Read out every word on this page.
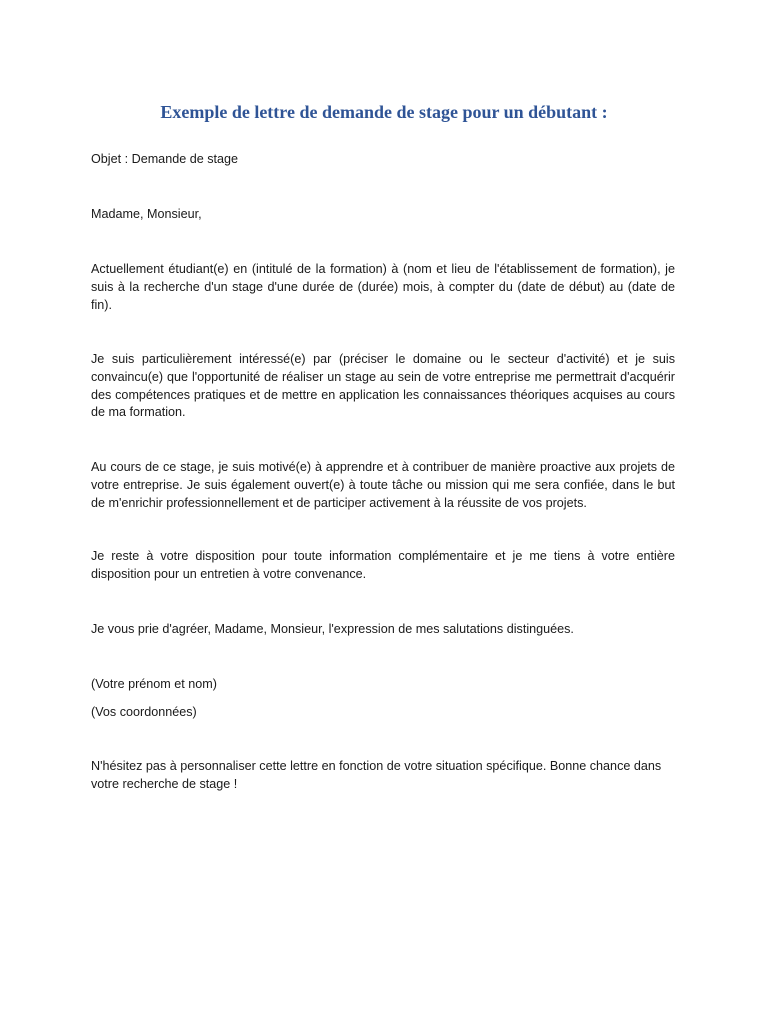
Exemple de lettre de demande de stage pour un débutant :

Objet : Demande de stage

Madame, Monsieur,

Actuellement étudiant(e) en (intitulé de la formation) à (nom et lieu de l'établissement de formation), je suis à la recherche d'un stage d'une durée de (durée) mois, à compter du (date de début) au (date de fin).

Je suis particulièrement intéressé(e) par (préciser le domaine ou le secteur d'activité) et je suis convaincu(e) que l'opportunité de réaliser un stage au sein de votre entreprise me permettrait d'acquérir des compétences pratiques et de mettre en application les connaissances théoriques acquises au cours de ma formation.

Au cours de ce stage, je suis motivé(e) à apprendre et à contribuer de manière proactive aux projets de votre entreprise. Je suis également ouvert(e) à toute tâche ou mission qui me sera confiée, dans le but de m'enrichir professionnellement et de participer activement à la réussite de vos projets.

Je reste à votre disposition pour toute information complémentaire et je me tiens à votre entière disposition pour un entretien à votre convenance.

Je vous prie d'agréer, Madame, Monsieur, l'expression de mes salutations distinguées.

(Votre prénom et nom)

(Vos coordonnées)

N'hésitez pas à personnaliser cette lettre en fonction de votre situation spécifique. Bonne chance dans votre recherche de stage !
